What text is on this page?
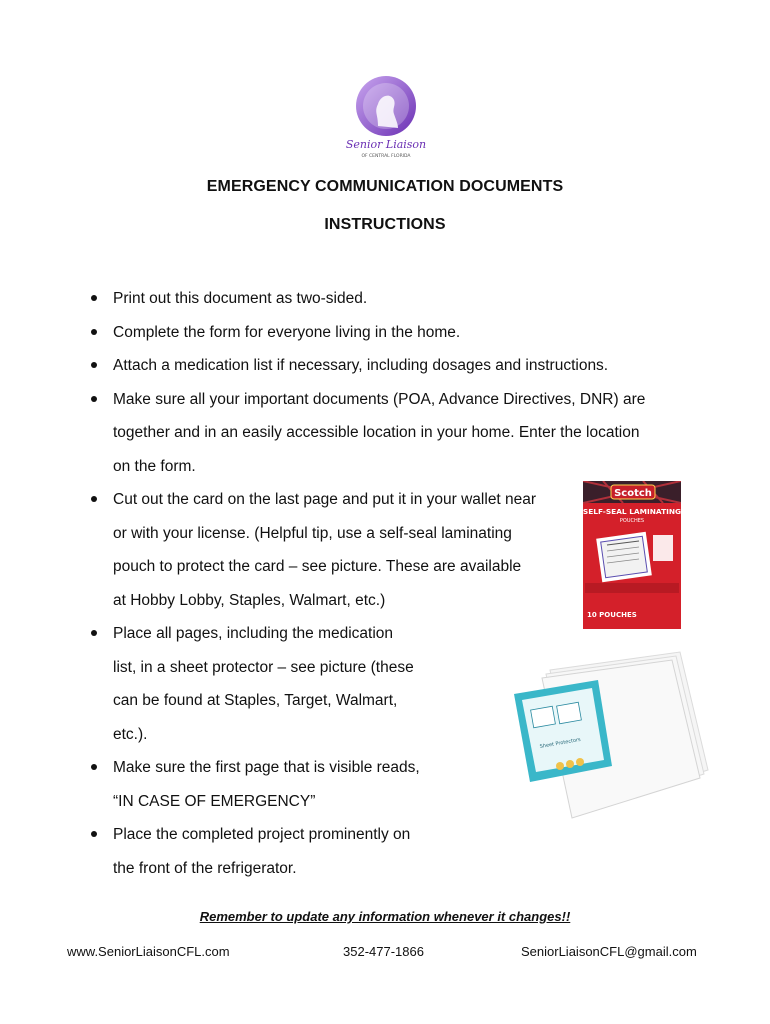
Senior Liaison
OF CENTRAL FLORIDA
EMERGENCY COMMUNICATION DOCUMENTS
INSTRUCTIONS
Print out this document as two-sided.
Complete the form for everyone living in the home.
Attach a medication list if necessary, including dosages and instructions.
Make sure all your important documents (POA, Advance Directives, DNR) are
together and in an easily accessible location in your home. Enter the location
on the form.
Cut out the card on the last page and put it in your wallet near
or with your license. (Helpful tip, use a self-seal laminating
pouch to protect the card – see picture. These are available
at Hobby Lobby, Staples, Walmart, etc.)
Place all pages, including the medication
list, in a sheet protector – see picture (these
can be found at Staples, Target, Walmart,
etc.).
Make sure the first page that is visible reads,
“IN CASE OF EMERGENCY”
Place the completed project prominently on
the front of the refrigerator.
Scotch
SELF-SEAL LAMINATING
POUCHES
10 POUCHES
Sheet Protectors
Remember to update any information whenever it changes!!
www.SeniorLiaisonCFL.com	352-477-1866	SeniorLiaisonCFL@gmail.com
